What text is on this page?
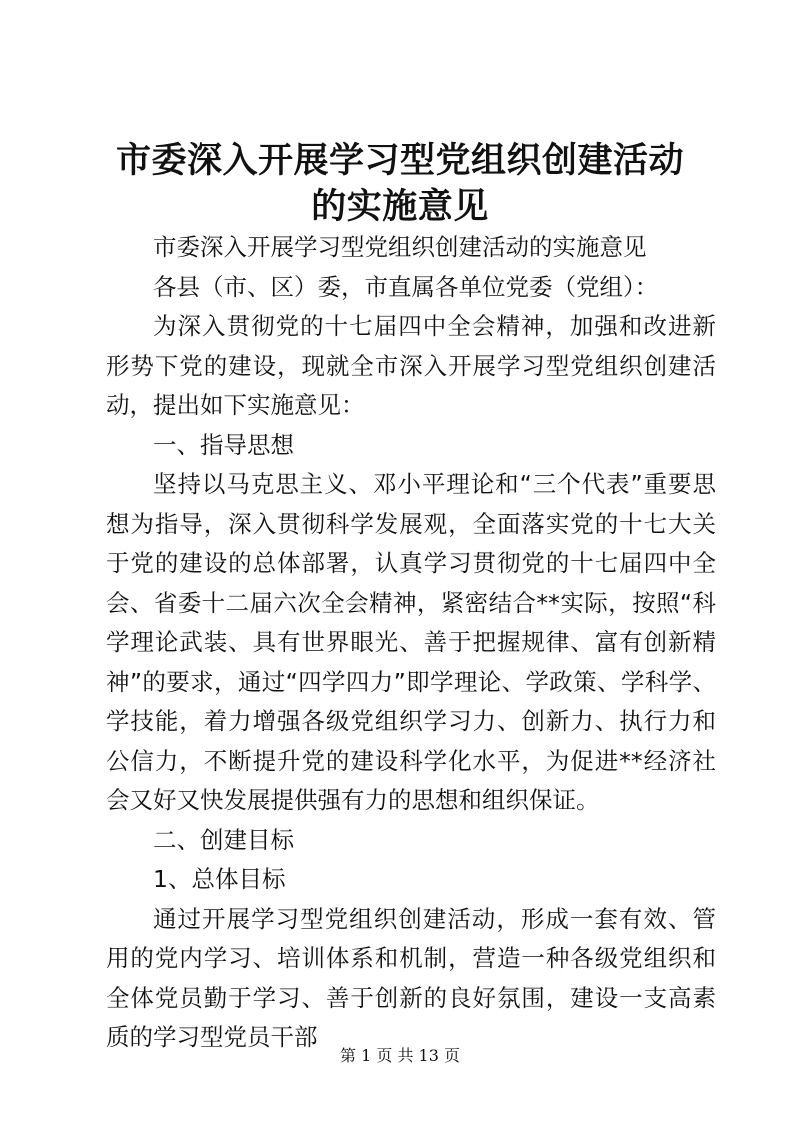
市委深入开展学习型党组织创建活动的实施意见

市委深入开展学习型党组织创建活动的实施意见

各县（市、区）委，市直属各单位党委（党组）：

为深入贯彻党的十七届四中全会精神，加强和改进新形势下党的建设，现就全市深入开展学习型党组织创建活动，提出如下实施意见：

一、指导思想

坚持以马克思主义、邓小平理论和“三个代表”重要思想为指导，深入贯彻科学发展观，全面落实党的十七大关于党的建设的总体部署，认真学习贯彻党的十七届四中全会、省委十二届六次全会精神，紧密结合**实际，按照“科学理论武装、具有世界眼光、善于把握规律、富有创新精神”的要求，通过“四学四力”即学理论、学政策、学科学、学技能，着力增强各级党组织学习力、创新力、执行力和公信力，不断提升党的建设科学化水平，为促进**经济社会又好又快发展提供强有力的思想和组织保证。

二、创建目标

1、总体目标

通过开展学习型党组织创建活动，形成一套有效、管用的党内学习、培训体系和机制，营造一种各级党组织和全体党员勤于学习、善于创新的良好氛围，建设一支高素质的学习型党员干部

第 1 页 共 13 页
